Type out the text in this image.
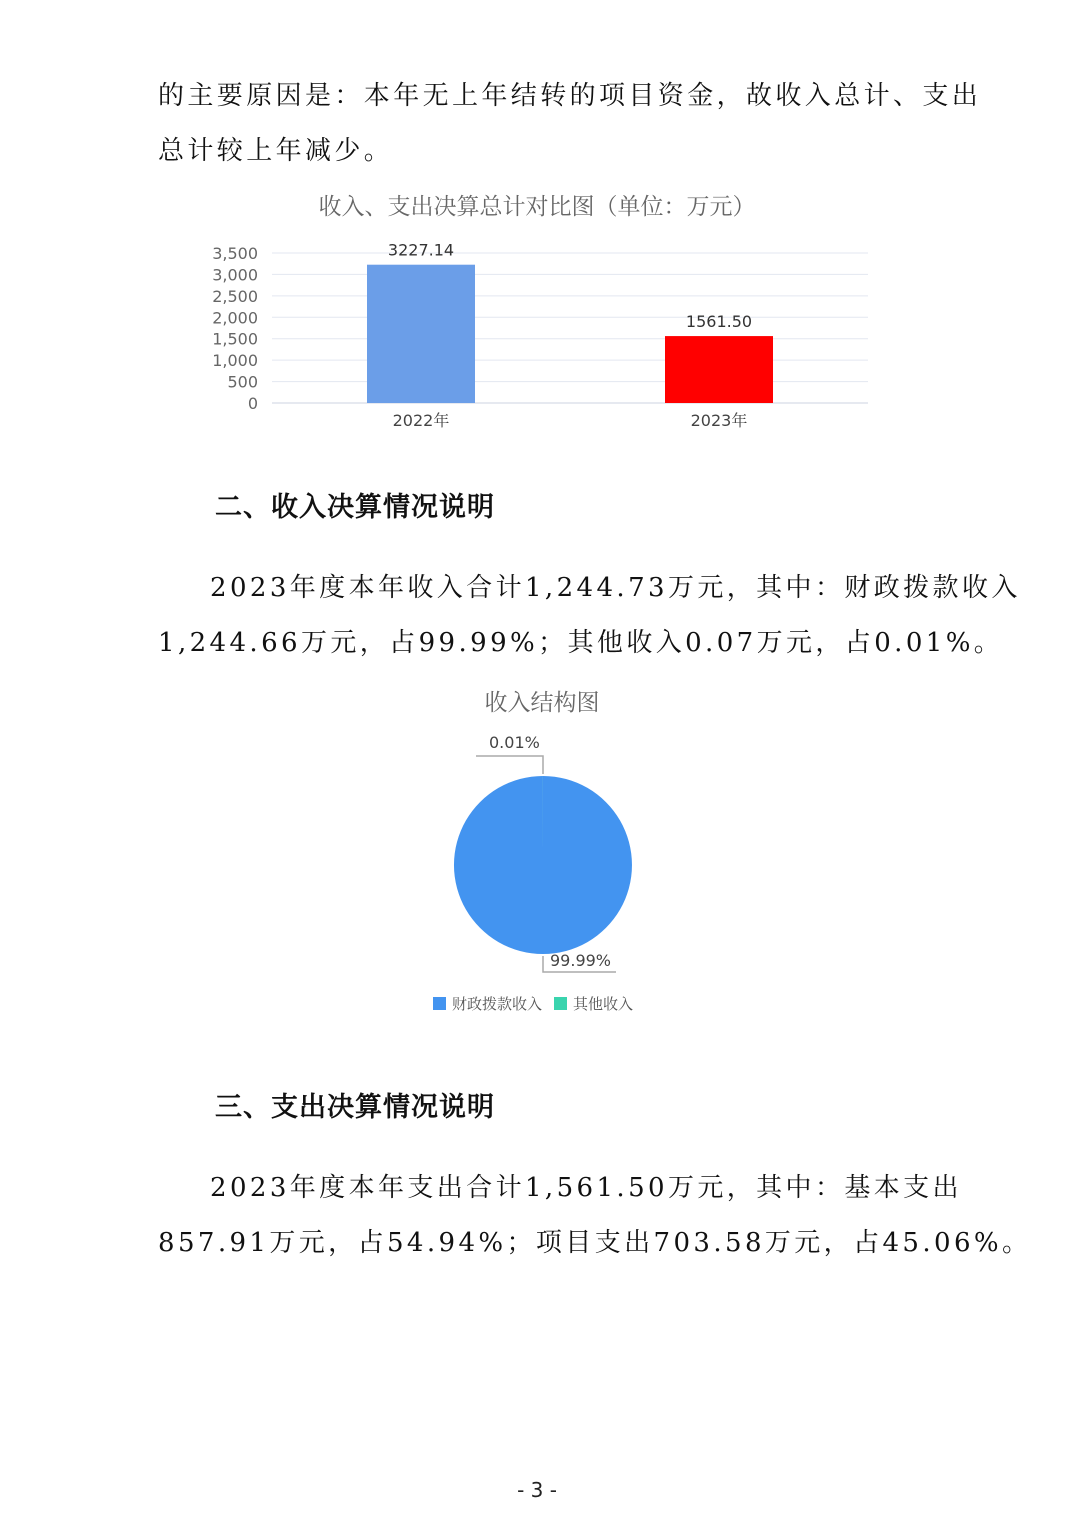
的主要原因是：本年无上年结转的项目资金，故收入总计、支出
总计较上年减少。
收入、支出决算总计对比图（单位：万元）
0
500
1,000
1,500
2,000
2,500
3,000
3,500	3227.14
2022年
1561.50
2023年
二、收入决算情况说明
2023年度本年收入合计1,244.73万元，其中：财政拨款收入
1,244.66万元，占99.99%；其他收入0.07万元，占0.01%。
收入结构图
0.01%
99.99%
财政拨款收入 其他收入
三、支出决算情况说明
2023年度本年支出合计1,561.50万元，其中：基本支出
857.91万元，占54.94%；项目支出703.58万元，占45.06%。
- 3 -
